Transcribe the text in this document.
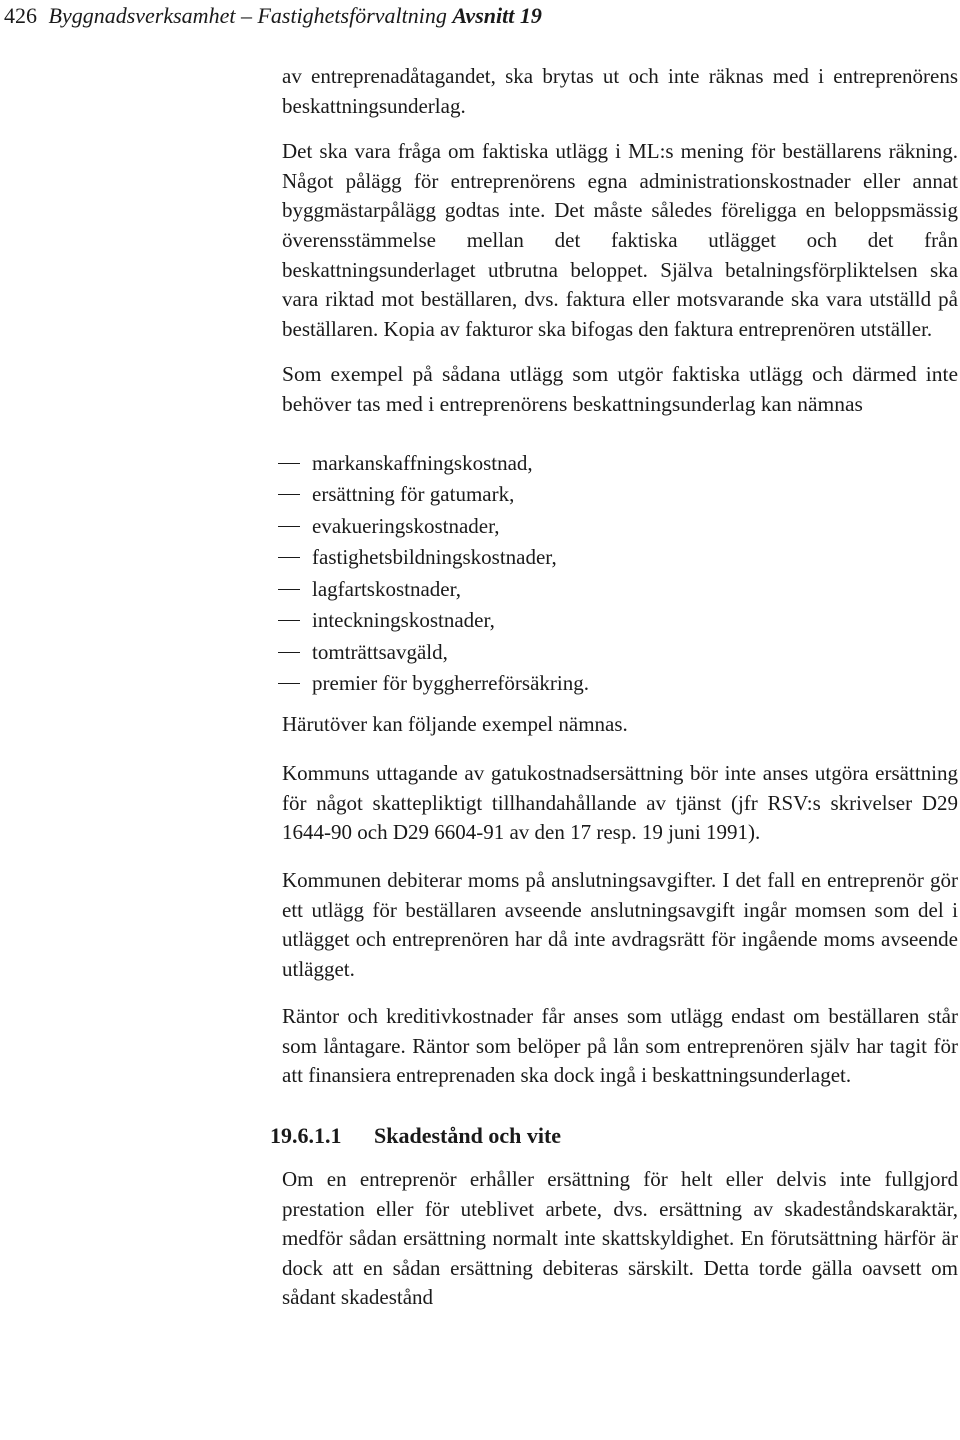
426 Byggnadsverksamhet – Fastighetsförvaltning Avsnitt 19

av entreprenadåtagandet, ska brytas ut och inte räknas med i entreprenörens beskattningsunderlag.

Det ska vara fråga om faktiska utlägg i ML:s mening för beställarens räkning. Något pålägg för entreprenörens egna administrationskostnader eller annat byggmästarpålägg godtas inte. Det måste således föreligga en beloppsmässig överensstämmelse mellan det faktiska utlägget och det från beskattningsunderlaget utbrutna beloppet. Själva betalningsförpliktelsen ska vara riktad mot beställaren, dvs. faktura eller motsvarande ska vara utställd på beställaren. Kopia av fakturor ska bifogas den faktura entreprenören utställer.

Som exempel på sådana utlägg som utgör faktiska utlägg och därmed inte behöver tas med i entreprenörens beskattningsunderlag kan nämnas

markanskaffningskostnad,
ersättning för gatumark,
evakueringskostnader,
fastighetsbildningskostnader,
lagfartskostnader,
inteckningskostnader,
tomträttsavgäld,
premier för byggherreförsäkring.

Härutöver kan följande exempel nämnas.

Kommuns uttagande av gatukostnadsersättning bör inte anses utgöra ersättning för något skattepliktigt tillhandahållande av tjänst (jfr RSV:s skrivelser D29 1644-90 och D29 6604-91 av den 17 resp. 19 juni 1991).

Kommunen debiterar moms på anslutningsavgifter. I det fall en entreprenör gör ett utlägg för beställaren avseende anslutningsavgift ingår momsen som del i utlägget och entreprenören har då inte avdragsrätt för ingående moms avseende utlägget.

Räntor och kreditivkostnader får anses som utlägg endast om beställaren står som låntagare. Räntor som belöper på lån som entreprenören själv har tagit för att finansiera entreprenaden ska dock ingå i beskattningsunderlaget.

19.6.1.1 Skadestånd och vite

Om en entreprenör erhåller ersättning för helt eller delvis inte fullgjord prestation eller för uteblivet arbete, dvs. ersättning av skadeståndskaraktär, medför sådan ersättning normalt inte skattskyldighet. En förutsättning härför är dock att en sådan ersättning debiteras särskilt. Detta torde gälla oavsett om sådant skadestånd
